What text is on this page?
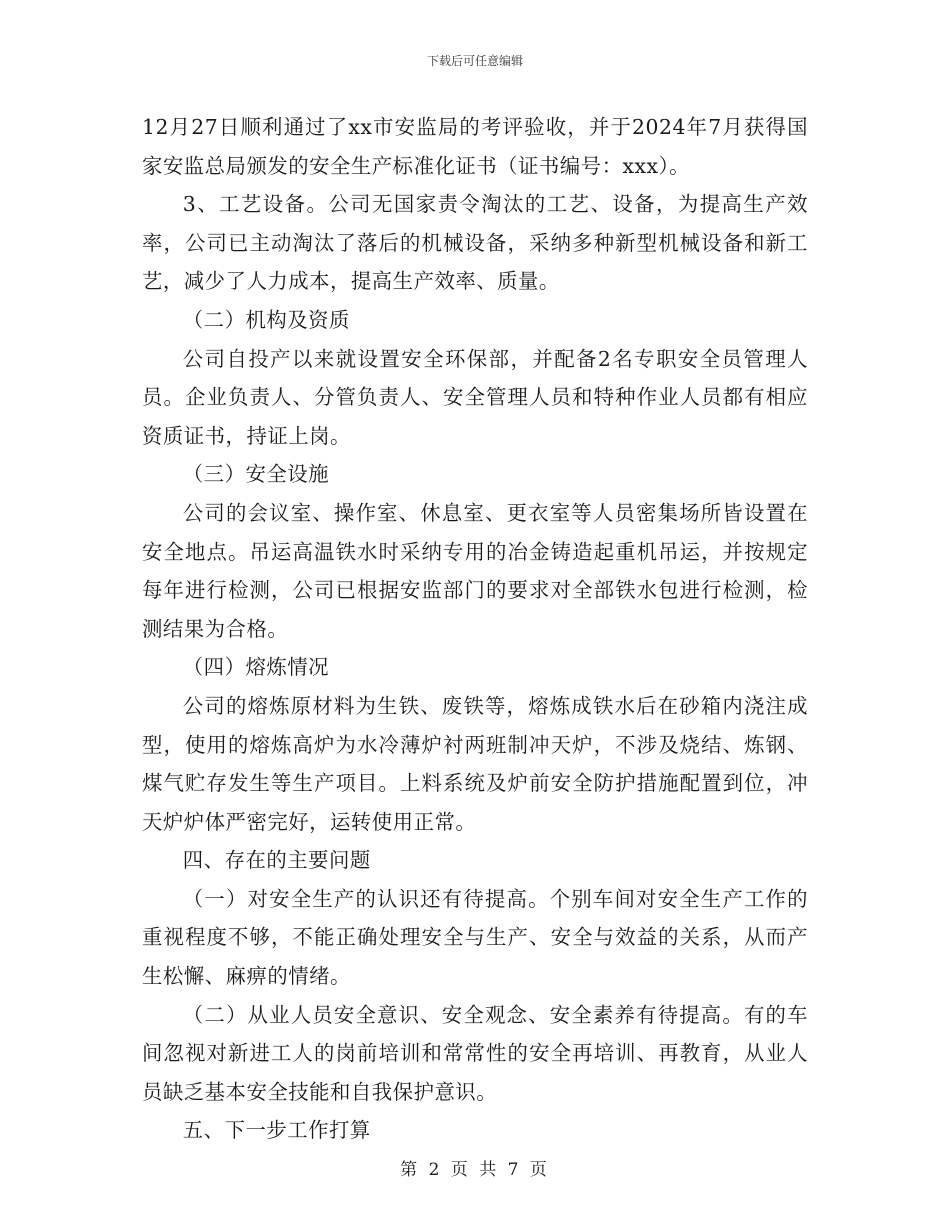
下载后可任意编辑

12月27日顺利通过了xx市安监局的考评验收，并于2024年7月获得国家安监总局颁发的安全生产标准化证书（证书编号：xxx）。

3、工艺设备。公司无国家责令淘汰的工艺、设备，为提高生产效率，公司已主动淘汰了落后的机械设备，采纳多种新型机械设备和新工艺，减少了人力成本，提高生产效率、质量。

（二）机构及资质

公司自投产以来就设置安全环保部，并配备2名专职安全员管理人员。企业负责人、分管负责人、安全管理人员和特种作业人员都有相应资质证书，持证上岗。

（三）安全设施

公司的会议室、操作室、休息室、更衣室等人员密集场所皆设置在安全地点。吊运高温铁水时采纳专用的冶金铸造起重机吊运，并按规定每年进行检测，公司已根据安监部门的要求对全部铁水包进行检测，检测结果为合格。

（四）熔炼情况

公司的熔炼原材料为生铁、废铁等，熔炼成铁水后在砂箱内浇注成型，使用的熔炼高炉为水冷薄炉衬两班制冲天炉，不涉及烧结、炼钢、煤气贮存发生等生产项目。上料系统及炉前安全防护措施配置到位，冲天炉炉体严密完好，运转使用正常。

四、存在的主要问题

（一）对安全生产的认识还有待提高。个别车间对安全生产工作的重视程度不够，不能正确处理安全与生产、安全与效益的关系，从而产生松懈、麻痹的情绪。

（二）从业人员安全意识、安全观念、安全素养有待提高。有的车间忽视对新进工人的岗前培训和常常性的安全再培训、再教育，从业人员缺乏基本安全技能和自我保护意识。

五、下一步工作打算

第 2 页 共 7 页
